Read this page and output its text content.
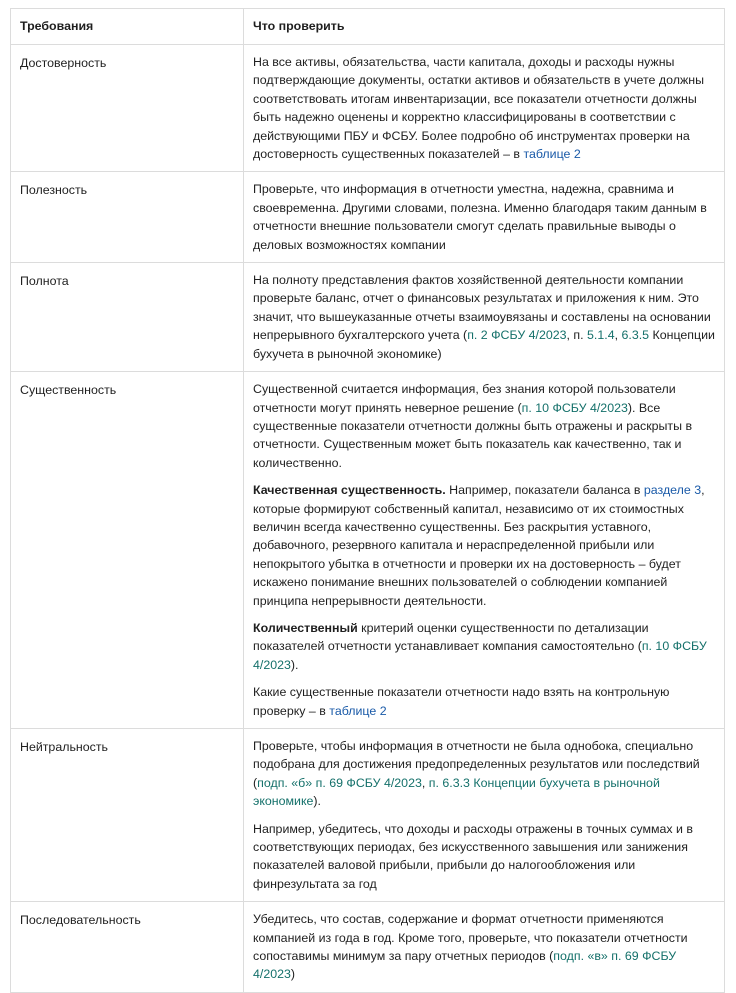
Требования	Что проверить
Достоверность	На все активы, обязательства, части капитала, доходы и расходы нужны подтверждающие документы, остатки активов и обязательств в учете должны соответствовать итогам инвентаризации, все показатели отчетности должны быть надежно оценены и корректно классифицированы в соответствии с действующими ПБУ и ФСБУ. Более подробно об инструментах проверки на достоверность существенных показателей – в таблице 2

Полезность	Проверьте, что информация в отчетности уместна, надежна, сравнима и своевременна. Другими словами, полезна. Именно благодаря таким данным в отчетности внешние пользователи смогут сделать правильные выводы о деловых возможностях компании

Полнота	На полноту представления фактов хозяйственной деятельности компании проверьте баланс, отчет о финансовых результатах и приложения к ним. Это значит, что вышеуказанные отчеты взаимоувязаны и составлены на основании непрерывного бухгалтерского учета (п. 2 ФСБУ 4/2023, п. 5.1.4, 6.3.5 Концепции бухучета в рыночной экономике)

Существенность	Существенной считается информация, без знания которой пользователи отчетности могут принять неверное решение (п. 10 ФСБУ 4/2023). Все существенные показатели отчетности должны быть отражены и раскрыты в отчетности. Существенным может быть показатель как качественно, так и количественно.

Качественная существенность. Например, показатели баланса в разделе 3, которые формируют собственный капитал, независимо от их стоимостных величин всегда качественно существенны. Без раскрытия уставного, добавочного, резервного капитала и нераспределенной прибыли или непокрытого убытка в отчетности и проверки их на достоверность – будет искажено понимание внешних пользователей о соблюдении компанией принципа непрерывности деятельности.

Количественный критерий оценки существенности по детализации показателей отчетности устанавливает компания самостоятельно (п. 10 ФСБУ 4/2023).

Какие существенные показатели отчетности надо взять на контрольную проверку – в таблице 2

Нейтральность	Проверьте, чтобы информация в отчетности не была однобока, специально подобрана для достижения предопределенных результатов или последствий (подп. «б» п. 69 ФСБУ 4/2023, п. 6.3.3 Концепции бухучета в рыночной экономике).

Например, убедитесь, что доходы и расходы отражены в точных суммах и в соответствующих периодах, без искусственного завышения или занижения показателей валовой прибыли, прибыли до налогообложения или финрезультата за год

Последовательность	Убедитесь, что состав, содержание и формат отчетности применяются компанией из года в год. Кроме того, проверьте, что показатели отчетности сопоставимы минимум за пару отчетных периодов (подп. «в» п. 69 ФСБУ 4/2023)
